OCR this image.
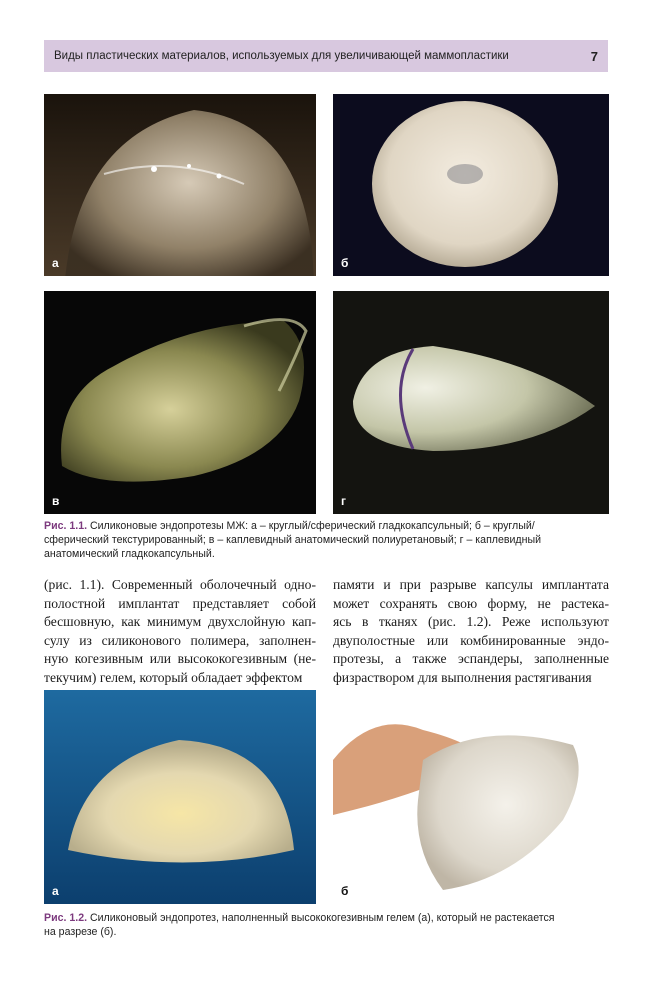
Виды пластических материалов, используемых для увеличивающей маммопластики	7
а	б
в	г
Рис. 1.1. Силиконовые эндопротезы МЖ: а – круглый/сферический гладкокапсульный; б – круглый/
сферический текстурированный; в – каплевидный анатомический полиуретановый; г – каплевидный
анатомический гладкокапсульный.
(рис. 1.1). Современный оболочечный одно-
полостной имплантат представляет собой
бесшовную, как минимум двухслойную кап-
сулу из силиконового полимера, заполнен-
ную когезивным или высококогезивным (не-
текучим) гелем, который обладает эффектом
памяти и при разрыве капсулы имплантата
может сохранять свою форму, не растека-
ясь в тканях (рис. 1.2). Реже используют
двуполостные или комбинированные эндо-
протезы, а также эспандеры, заполненные
физраствором для выполнения растягивания
а	б
Рис. 1.2. Силиконовый эндопротез, наполненный высококогезивным гелем (а), который не растекается
на разрезе (б).
